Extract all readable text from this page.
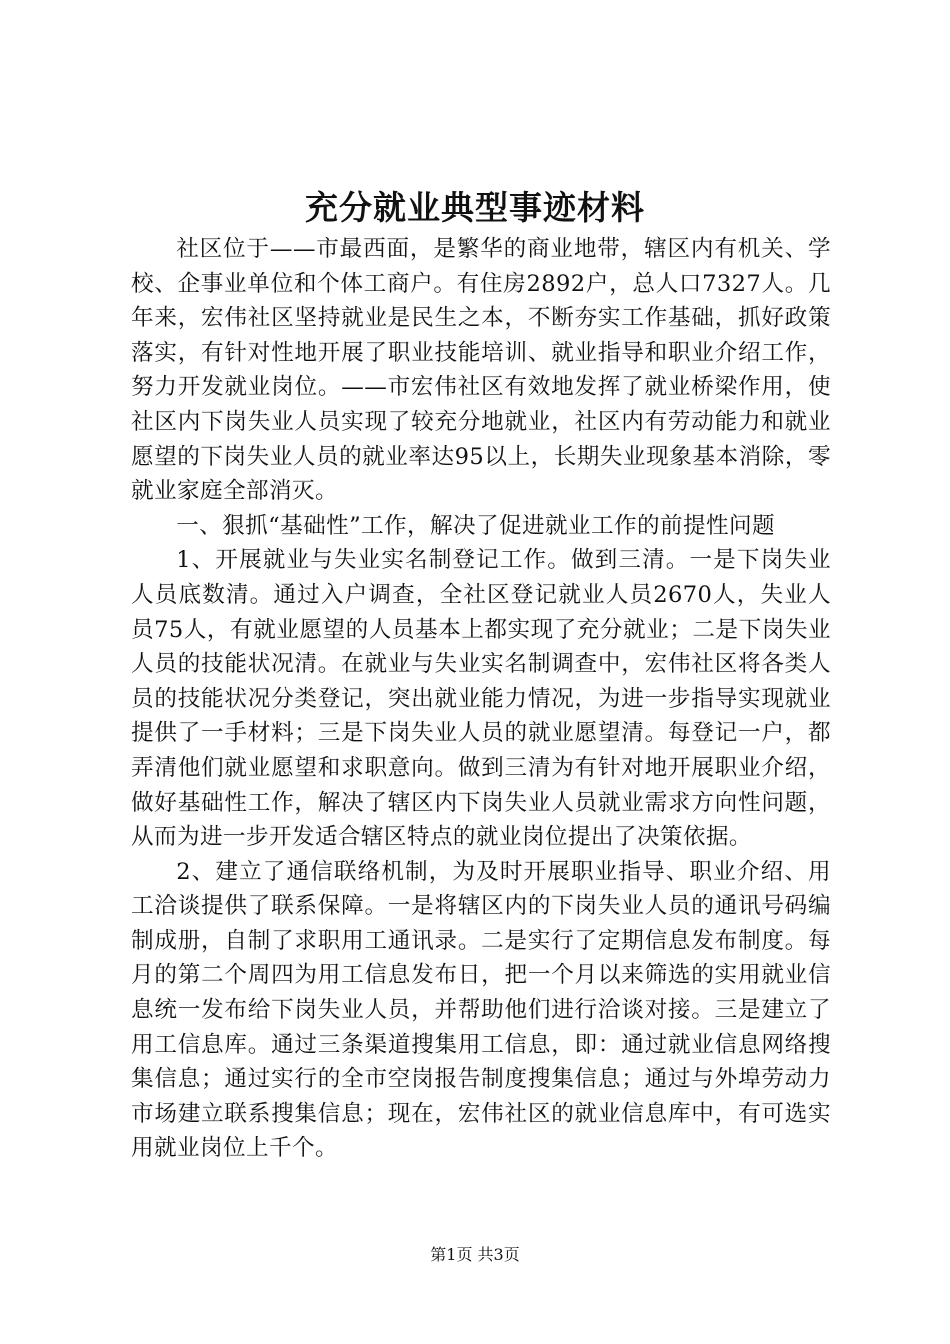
充分就业典型事迹材料

社区位于——市最西面，是繁华的商业地带，辖区内有机关、学校、企事业单位和个体工商户。有住房2892户，总人口7327人。几年来，宏伟社区坚持就业是民生之本，不断夯实工作基础，抓好政策落实，有针对性地开展了职业技能培训、就业指导和职业介绍工作，努力开发就业岗位。——市宏伟社区有效地发挥了就业桥梁作用，使社区内下岗失业人员实现了较充分地就业，社区内有劳动能力和就业愿望的下岗失业人员的就业率达95以上，长期失业现象基本消除，零就业家庭全部消灭。

一、狠抓“基础性”工作，解决了促进就业工作的前提性问题

1、开展就业与失业实名制登记工作。做到三清。一是下岗失业人员底数清。通过入户调查，全社区登记就业人员2670人，失业人员75人，有就业愿望的人员基本上都实现了充分就业；二是下岗失业人员的技能状况清。在就业与失业实名制调查中，宏伟社区将各类人员的技能状况分类登记，突出就业能力情况，为进一步指导实现就业提供了一手材料；三是下岗失业人员的就业愿望清。每登记一户，都弄清他们就业愿望和求职意向。做到三清为有针对地开展职业介绍，做好基础性工作，解决了辖区内下岗失业人员就业需求方向性问题，从而为进一步开发适合辖区特点的就业岗位提出了决策依据。

2、建立了通信联络机制，为及时开展职业指导、职业介绍、用工洽谈提供了联系保障。一是将辖区内的下岗失业人员的通讯号码编制成册，自制了求职用工通讯录。二是实行了定期信息发布制度。每月的第二个周四为用工信息发布日，把一个月以来筛选的实用就业信息统一发布给下岗失业人员，并帮助他们进行洽谈对接。三是建立了用工信息库。通过三条渠道搜集用工信息，即：通过就业信息网络搜集信息；通过实行的全市空岗报告制度搜集信息；通过与外埠劳动力市场建立联系搜集信息；现在，宏伟社区的就业信息库中，有可选实用就业岗位上千个。

第1页 共3页
